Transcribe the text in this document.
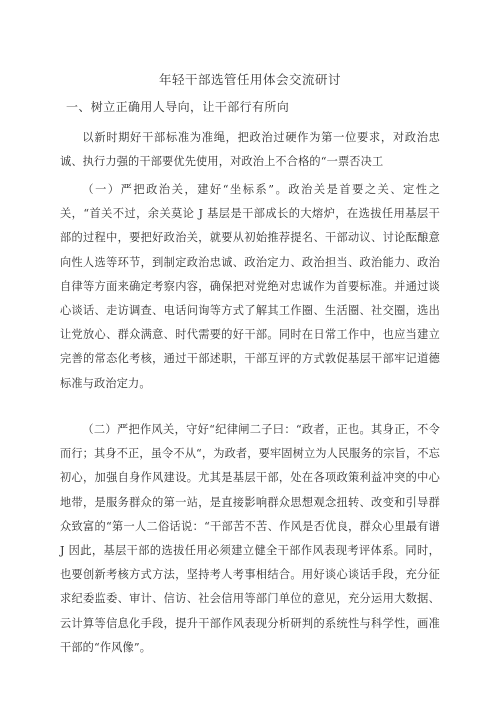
年轻干部选管任用体会交流研讨
一、树立正确用人导向，让干部行有所向

以新时期好干部标准为准绳，把政治过硬作为第一位要求，对政治忠诚、执行力强的干部要优先使用，对政治上不合格的“一票否决工

（一）严把政治关，建好“坐标系”。政治关是首要之关、定性之关，“首关不过，余关莫论 J 基层是干部成长的大熔炉，在选拔任用基层干部的过程中，要把好政治关，就要从初始推荐提名、干部动议、讨论酝酿意向性人选等环节，到制定政治忠诚、政治定力、政治担当、政治能力、政治自律等方面来确定考察内容，确保把对党绝对忠诚作为首要标准。并通过谈心谈话、走访调查、电话问询等方式了解其工作圈、生活圈、社交圈，选出让党放心、群众满意、时代需要的好干部。同时在日常工作中，也应当建立完善的常态化考核，通过干部述职，干部互评的方式敦促基层干部牢记道德标准与政治定力。

（二）严把作风关，守好“纪律闸二子曰：“政者，正也。其身正，不令而行；其身不正，虽令不从“，为政者，要牢固树立为人民服务的宗旨，不忘初心，加强自身作风建设。尤其是基层干部，处在各项政策利益冲突的中心地带，是服务群众的第一站，是直接影响群众思想观念扭转、改变和引导群众致富的“第一人二俗话说：“干部苦不苦、作风是否优良，群众心里最有谱 J 因此，基层干部的选拔任用必须建立健全干部作风表现考评体系。同时，也要创新考核方式方法，坚持考人考事相结合。用好谈心谈话手段，充分征求纪委监委、审计、信访、社会信用等部门单位的意见，充分运用大数据、云计算等信息化手段，提升干部作风表现分析研判的系统性与科学性，画准干部的“作风像”。
